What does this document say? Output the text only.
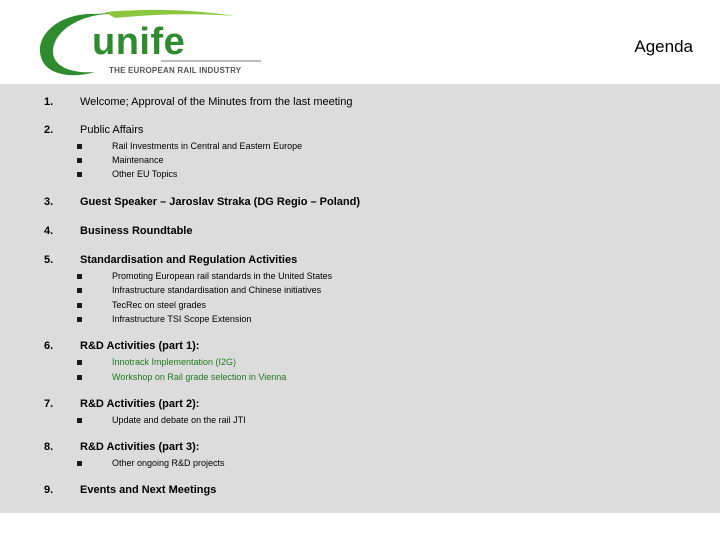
unife
THE EUROPEAN RAIL INDUSTRY
Agenda
1. Welcome; Approval of the Minutes from the last meeting
2. Public Affairs
Rail Investments in Central and Eastern Europe
Maintenance
Other EU Topics
3. Guest Speaker – Jaroslav Straka (DG Regio – Poland)
4. Business Roundtable
5. Standardisation and Regulation Activities
Promoting European rail standards in the United States
Infrastructure standardisation and Chinese initiatives
TecRec on steel grades
Infrastructure TSI Scope Extension
6. R&D Activities (part 1):
Innotrack Implementation (I2G)
Workshop on Rail grade selection in Vienna
7. R&D Activities (part 2):
Update and debate on the rail JTI
8. R&D Activities (part 3):
Other ongoing R&D projects
9. Events and Next Meetings
